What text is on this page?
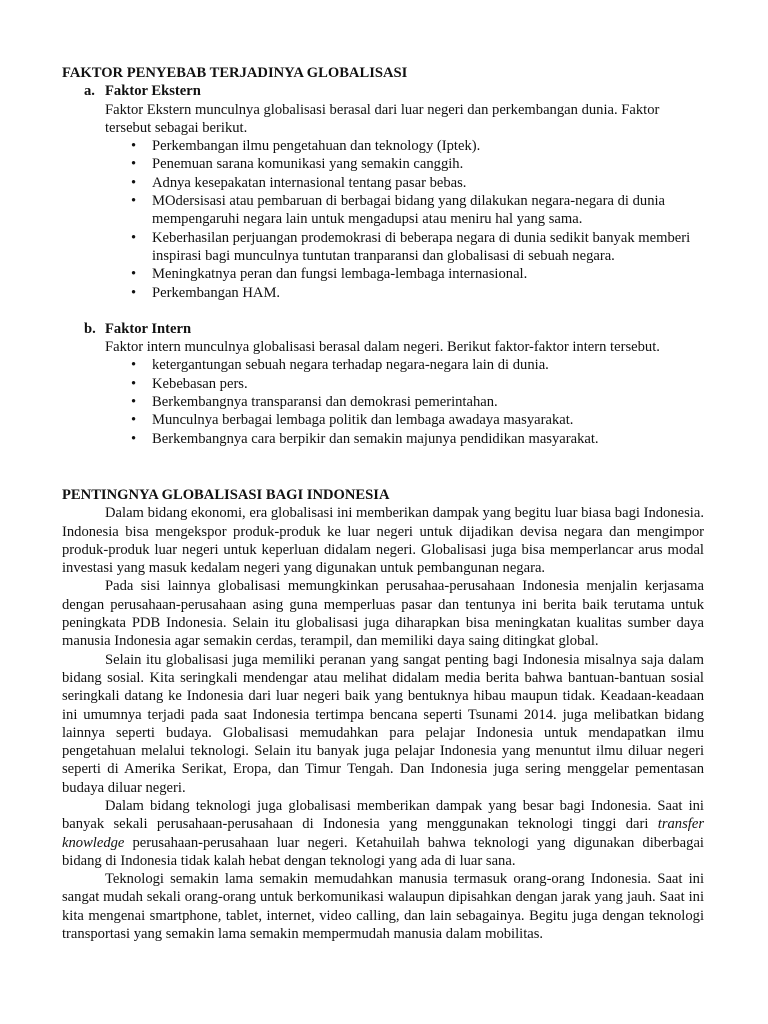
FAKTOR PENYEBAB TERJADINYA GLOBALISASI
a. Faktor Ekstern

Faktor Ekstern munculnya globalisasi berasal dari luar negeri dan perkembangan dunia. Faktor tersebut sebagai berikut.

• Perkembangan ilmu pengetahuan dan teknology (Iptek).
• Penemuan sarana komunikasi yang semakin canggih.
• Adnya kesepakatan internasional tentang pasar bebas.
• MOdersisasi atau pembaruan di berbagai bidang yang dilakukan negara-negara di dunia mempengaruhi negara lain untuk mengadupsi atau meniru hal yang sama.
• Keberhasilan perjuangan prodemokrasi di beberapa negara di dunia sedikit banyak memberi inspirasi bagi munculnya tuntutan tranparansi dan globalisasi di sebuah negara.
• Meningkatnya peran dan fungsi lembaga-lembaga internasional.
• Perkembangan HAM.
b. Faktor Intern

Faktor intern munculnya globalisasi berasal dalam negeri. Berikut faktor-faktor intern tersebut.

• ketergantungan sebuah negara terhadap negara-negara lain di dunia.
• Kebebasan pers.
• Berkembangnya transparansi dan demokrasi pemerintahan.
• Munculnya berbagai lembaga politik dan lembaga awadaya masyarakat.
• Berkembangnya cara berpikir dan semakin majunya pendidikan masyarakat.
PENTINGNYA GLOBALISASI BAGI INDONESIA

Dalam bidang ekonomi, era globalisasi ini memberikan dampak yang begitu luar biasa bagi Indonesia. Indonesia bisa mengekspor produk-produk ke luar negeri untuk dijadikan devisa negara dan mengimpor produk-produk luar negeri untuk keperluan didalam negeri. Globalisasi juga bisa memperlancar arus modal investasi yang masuk kedalam negeri yang digunakan untuk pembangunan negara.

Pada sisi lainnya globalisasi memungkinkan perusahaa-perusahaan Indonesia menjalin kerjasama dengan perusahaan-perusahaan asing guna memperluas pasar dan tentunya ini berita baik terutama untuk peningkata PDB Indonesia. Selain itu globalisasi juga diharapkan bisa meningkatan kualitas sumber daya manusia Indonesia agar semakin cerdas, terampil, dan memiliki daya saing ditingkat global.

Selain itu globalisasi juga memiliki peranan yang sangat penting bagi Indonesia misalnya saja dalam bidang sosial. Kita seringkali mendengar atau melihat didalam media berita bahwa bantuan-bantuan sosial seringkali datang ke Indonesia dari luar negeri baik yang bentuknya hibau maupun tidak. Keadaan-keadaan ini umumnya terjadi pada saat Indonesia tertimpa bencana seperti Tsunami 2014. juga melibatkan bidang lainnya seperti budaya. Globalisasi memudahkan para pelajar Indonesia untuk mendapatkan ilmu pengetahuan melalui teknologi. Selain itu banyak juga pelajar Indonesia yang menuntut ilmu diluar negeri seperti di Amerika Serikat, Eropa, dan Timur Tengah. Dan Indonesia juga sering menggelar pementasan budaya diluar negeri.

Dalam bidang teknologi juga globalisasi memberikan dampak yang besar bagi Indonesia. Saat ini banyak sekali perusahaan-perusahaan di Indonesia yang menggunakan teknologi tinggi dari transfer knowledge perusahaan-perusahaan luar negeri. Ketahuilah bahwa teknologi yang digunakan diberbagai bidang di Indonesia tidak kalah hebat dengan teknologi yang ada di luar sana.

Teknologi semakin lama semakin memudahkan manusia termasuk orang-orang Indonesia. Saat ini sangat mudah sekali orang-orang untuk berkomunikasi walaupun dipisahkan dengan jarak yang jauh. Saat ini kita mengenai smartphone, tablet, internet, video calling, dan lain sebagainya. Begitu juga dengan teknologi transportasi yang semakin lama semakin mempermudah manusia dalam mobilitas.
